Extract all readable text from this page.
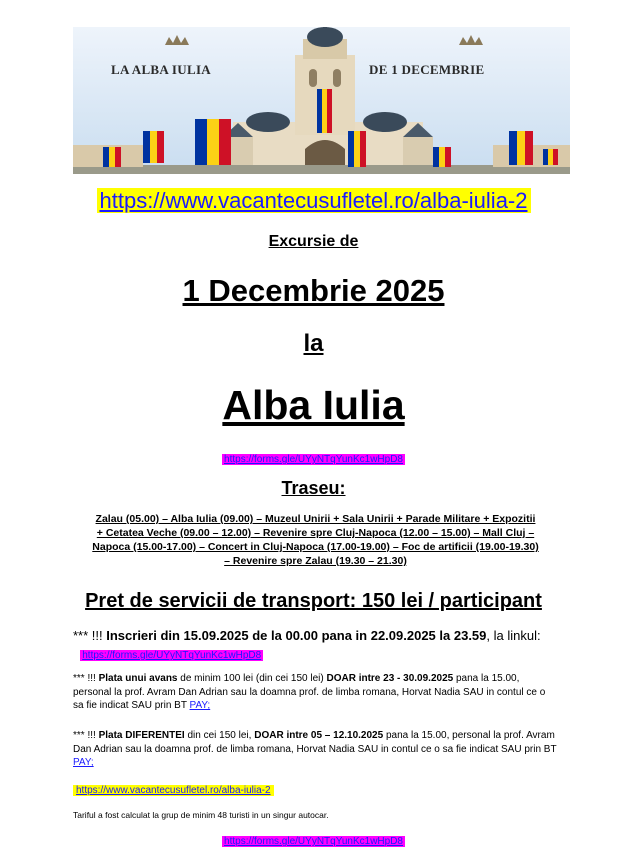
LA ALBA IULIA	DE 1 DECEMBRIE
https://www.vacantecusufletel.ro/alba-iulia-2
Excursie de
1 Decembrie 2025
la
Alba Iulia
https://forms.gle/UYyNTqYunKc1wHpD8
Traseu:
Zalau (05.00) – Alba Iulia (09.00) – Muzeul Unirii + Sala Unirii + Parade Militare + Expozitii
+ Cetatea Veche (09.00 – 12.00) – Revenire spre Cluj-Napoca (12.00 – 15.00) – Mall Cluj –
Napoca (15.00-17.00) – Concert in Cluj-Napoca (17.00-19.00) – Foc de artificii (19.00-19.30)
– Revenire spre Zalau (19.30 – 21.30)
Pret de servicii de transport: 150 lei / participant
*** !!! Inscrieri din 15.09.2025 de la 00.00 pana in 22.09.2025 la 23.59, la linkul:   https://forms.gle/UYyNTqYunKc1wHpD8
*** !!! Plata unui avans de minim 100 lei (din cei 150 lei) DOAR intre 23 - 30.09.2025 pana la 15.00, personal la prof. Avram Dan Adrian sau la doamna prof. de limba romana, Horvat Nadia SAU in contul ce o sa fie indicat SAU prin BT PAY;
*** !!! Plata DIFERENTEI din cei 150 lei, DOAR intre 05 – 12.10.2025 pana la 15.00, personal la prof. Avram Dan Adrian sau la doamna prof. de limba romana, Horvat Nadia SAU in contul ce o sa fie indicat SAU prin BT PAY;
https://www.vacantecusufletel.ro/alba-iulia-2
Tariful a fost calculat la grup de minim 48 turisti in un singur autocar.
https://forms.gle/UYyNTqYunKc1wHpD8
